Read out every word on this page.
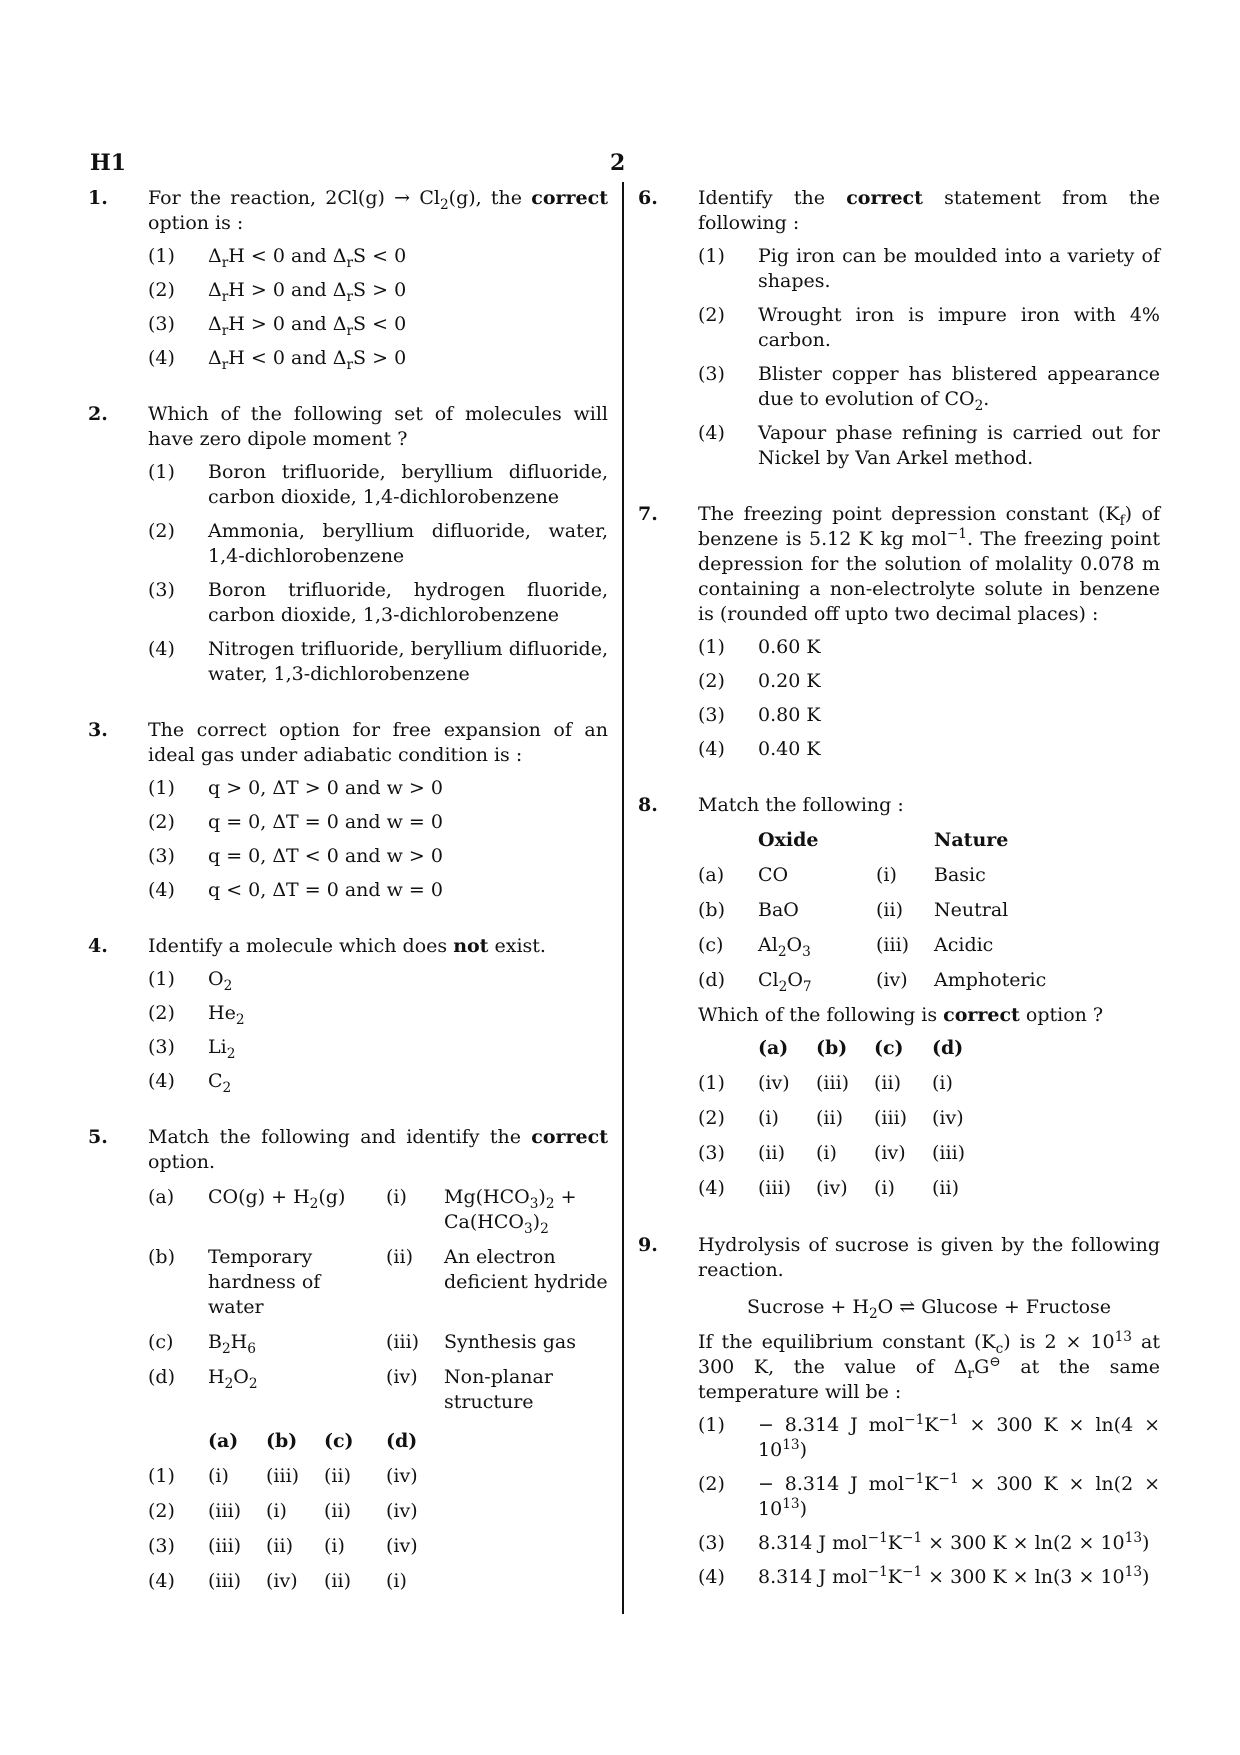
H1	2
1.	For the reaction, $2Cl(g) \to Cl_2(g)$, the correct option is :
(1)	$\Delta_rH < 0$ and $\Delta_rS < 0$
(2)	$\Delta_rH > 0$ and $\Delta_rS > 0$
(3)	$\Delta_rH > 0$ and $\Delta_rS < 0$
(4)	$\Delta_rH < 0$ and $\Delta_rS > 0$
2.	Which of the following set of molecules will have zero dipole moment ?
(1)	Boron trifluoride, beryllium difluoride, carbon dioxide, 1,4-dichlorobenzene
(2)	Ammonia, beryllium difluoride, water, 1,4-dichlorobenzene
(3)	Boron trifluoride, hydrogen fluoride, carbon dioxide, 1,3-dichlorobenzene
(4)	Nitrogen trifluoride, beryllium difluoride, water, 1,3-dichlorobenzene
3.	The correct option for free expansion of an ideal gas under adiabatic condition is :
(1)	q > 0, ΔT > 0 and w > 0
(2)	q = 0, ΔT = 0 and w = 0
(3)	q = 0, ΔT < 0 and w > 0
(4)	q < 0, ΔT = 0 and w = 0
4.	Identify a molecule which does not exist.
(1)	$O_2$
(2)	$He_2$
(3)	$Li_2$
(4)	$C_2$
5.	Match the following and identify the correct option.
(a)	$CO(g) + H_2(g)$	(i)	$Mg(HCO_3)_2$ +
$Ca(HCO_3)_2$
(b)	Temporary hardness of water	(ii)	An electron deficient hydride
(c)	$B_2H_6$	(iii)	Synthesis gas
(d)	$H_2O_2$	(iv)	Non-planar structure
	(a)	(b)	(c)	(d)
(1)	(i)	(iii)	(ii)	(iv)
(2)	(iii)	(i)	(ii)	(iv)
(3)	(iii)	(ii)	(i)	(iv)
(4)	(iii)	(iv)	(ii)	(i)
6.	Identify the correct statement from the following :
(1)	Pig iron can be moulded into a variety of shapes.
(2)	Wrought iron is impure iron with 4% carbon.
(3)	Blister copper has blistered appearance due to evolution of $CO_2$.
(4)	Vapour phase refining is carried out for Nickel by Van Arkel method.
7.	The freezing point depression constant $(K_f)$ of benzene is 5.12 K kg mol$^{-1}$. The freezing point depression for the solution of molality 0.078 m containing a non-electrolyte solute in benzene is (rounded off upto two decimal places) :
(1)	0.60 K
(2)	0.20 K
(3)	0.80 K
(4)	0.40 K
8.	Match the following :
	Oxide		Nature
(a)	CO	(i)	Basic
(b)	BaO	(ii)	Neutral
(c)	$Al_2O_3$	(iii)	Acidic
(d)	$Cl_2O_7$	(iv)	Amphoteric
Which of the following is correct option ?
	(a)	(b)	(c)	(d)
(1)	(iv)	(iii)	(ii)	(i)
(2)	(i)	(ii)	(iii)	(iv)
(3)	(ii)	(i)	(iv)	(iii)
(4)	(iii)	(iv)	(i)	(ii)
9.	Hydrolysis of sucrose is given by the following reaction.
Sucrose + $H_2O$ ⇌ Glucose + Fructose
If the equilibrium constant $(K_c)$ is $2 \times 10^{13}$ at 300 K, the value of $\Delta_rG^⊖$ at the same temperature will be :
(1)	− 8.314 J $mol^{-1}K^{-1} \times 300$ $K \times \ln(4 \times 10^{13})$
(2)	− 8.314 J $mol^{-1}K^{-1} \times 300$ $K \times \ln(2 \times 10^{13})$
(3)	8.314 J $mol^{-1}K^{-1} \times 300$ $K \times \ln(2 \times 10^{13})$
(4)	8.314 J $mol^{-1}K^{-1} \times 300$ $K \times \ln(3 \times 10^{13})$
